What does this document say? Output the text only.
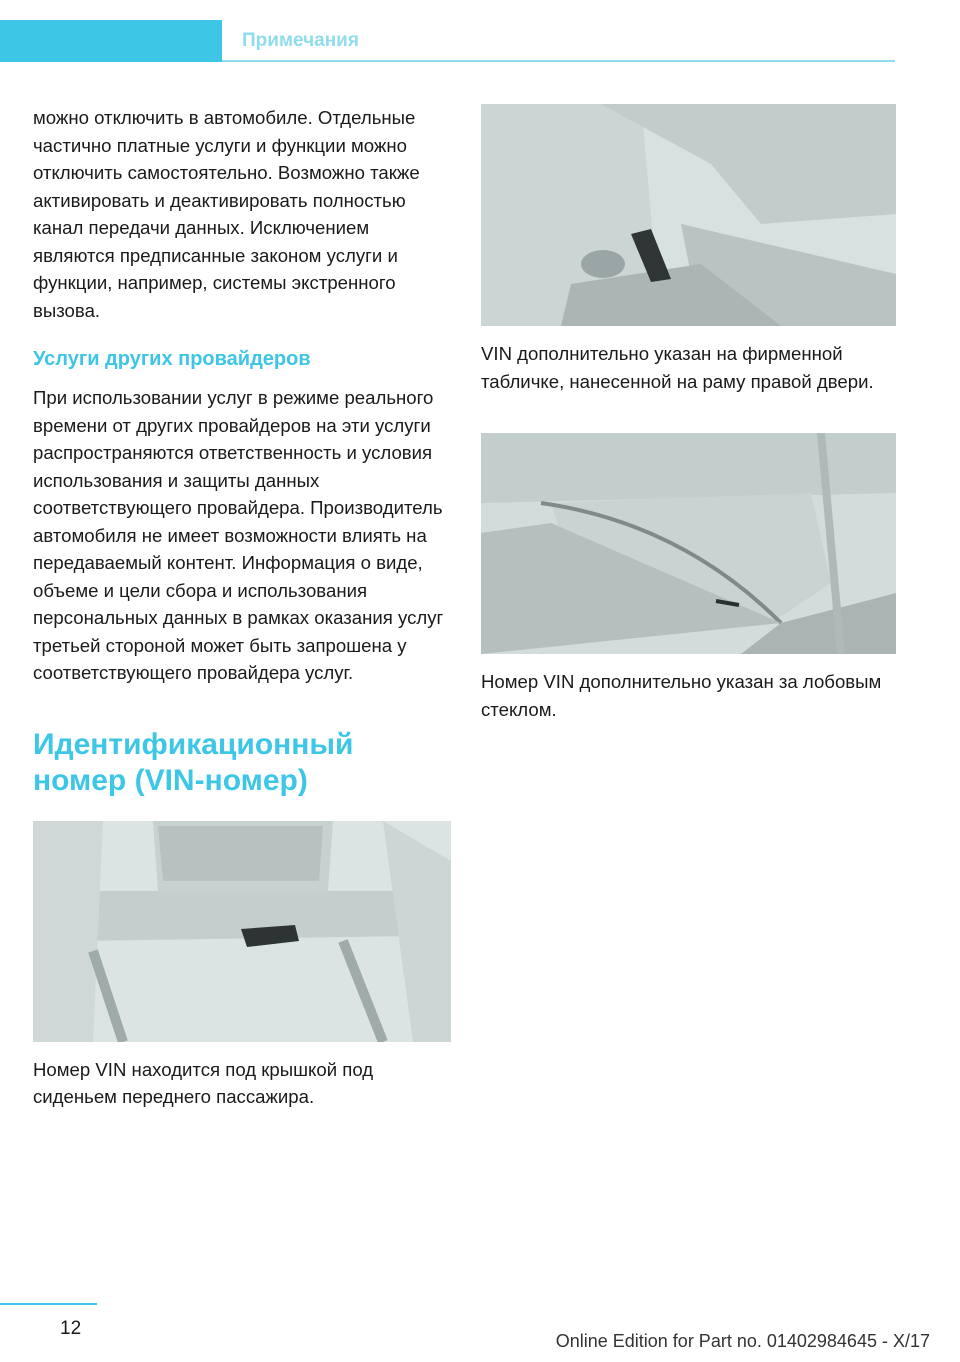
Примечания

можно отключить в автомобиле. Отдельные частично платные услуги и функции можно отключить самостоятельно. Возможно также активировать и деактивировать полностью канал передачи данных. Исключением являются предписанные законом услуги и функции, например, системы экстренного вызова.

Услуги других провайдеров

При использовании услуг в режиме реального времени от других провайдеров на эти услуги распространяются ответственность и условия использования и защиты данных соответствующего провайдера. Производитель автомобиля не имеет возможности влиять на передаваемый контент. Информация о виде, объеме и цели сбора и использования персональных данных в рамках оказания услуг третьей стороной может быть запрошена у соответствующего провайдера услуг.

Идентификационный номер (VIN-номер)

Номер VIN находится под крышкой под сиденьем переднего пассажира.

VIN дополнительно указан на фирменной табличке, нанесенной на раму правой двери.

Номер VIN дополнительно указан за лобовым стеклом.

12
Online Edition for Part no. 01402984645 - X/17
